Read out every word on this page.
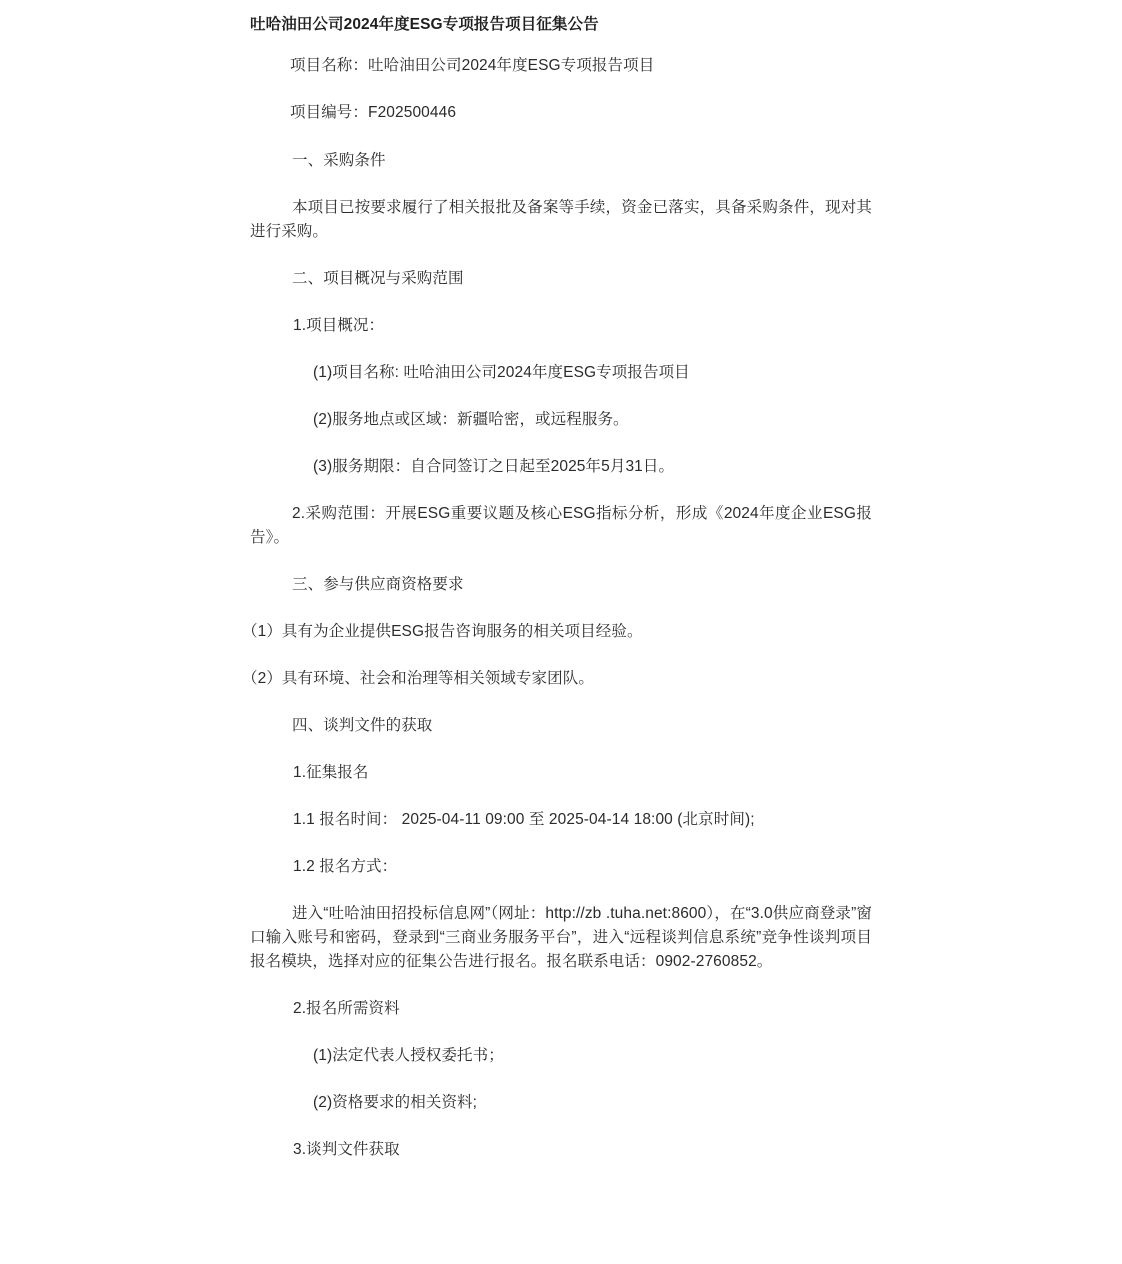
吐哈油田公司2024年度ESG专项报告项目征集公告

项目名称：吐哈油田公司2024年度ESG专项报告项目

项目编号：F202500446

一、采购条件

本项目已按要求履行了相关报批及备案等手续，资金已落实，具备采购条件，现对其进行采购。

二、项目概况与采购范围

1.项目概况：

(1)项目名称: 吐哈油田公司2024年度ESG专项报告项目

(2)服务地点或区域：新疆哈密，或远程服务。

(3)服务期限：自合同签订之日起至2025年5月31日。

2.采购范围：开展ESG重要议题及核心ESG指标分析，形成《2024年度企业ESG报告》。

三、参与供应商资格要求

（1）具有为企业提供ESG报告咨询服务的相关项目经验。

（2）具有环境、社会和治理等相关领域专家团队。

四、谈判文件的获取

1.征集报名

1.1 报名时间： 2025-04-11 09:00 至 2025-04-14 18:00 (北京时间);

1.2 报名方式：

进入“吐哈油田招投标信息网”（网址：http://zb .tuha.net:8600），在“3.0供应商登录”窗口输入账号和密码，登录到“三商业务服务平台”，进入“远程谈判信息系统”竞争性谈判项目报名模块，选择对应的征集公告进行报名。报名联系电话：0902-2760852。

2.报名所需资料

(1)法定代表人授权委托书；

(2)资格要求的相关资料;

3.谈判文件获取
